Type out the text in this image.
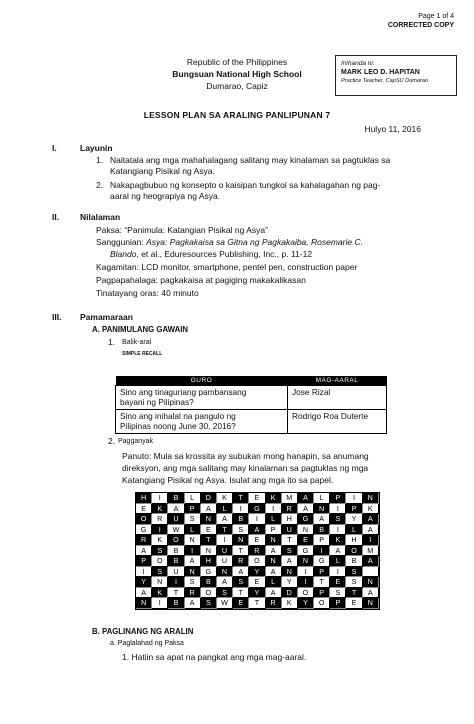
Page 1 of 4
CORRECTED COPY
Republic of the Philippines
Bungsuan National High School
Dumarao, Capiz
Inihanda ni:
MARK LEO D. HAPITAN
Practice Teacher, CapSU Dumarao
LESSON PLAN SA ARALING PANLIPUNAN 7
Hulyo 11, 2016
I.	Layunin
1. Naitatala ang mga mahahalagang salitang may kinalaman sa pagtuklas sa
Katangiang Pisikal ng Asya.
2. Nakapagbubuo ng konsepto o kaisipan tungkol sa kahalagahan ng pag-
aaral ng heograpiya ng Asya.
II. Nilalaman
Paksa: “Panimula: Katangian Pisikal ng Asya”
Sanggunian: Asya: Pagkakaisa sa Gitna ng Pagkakaiba, Rosemarie C.
Blando, et al., Eduresources Publishing, Inc., p. 11-12
Kagamitan: LCD monitor, smartphone, pentel pen, construction paper
Pagpapahalaga: pagkakaisa at pagiging makakalikasan
Tinatayang oras: 40 minuto
III. Pamamaraan
A. PANIMULANG GAWAIN
1. Balik-aral
SIMPLE RECALL
GURO	MAG-AARAL

Sino ang tinaguriang pambansang
bayani ng Pilipinas?	Jose Rizal

Sino ang inihalal na pangulo ng
Pilipinas noong June 30, 2016?	Rodrigo Roa Duterte
2. Pagganyak
Panuto: Mula sa krossita ay subukan mong hanapin, sa anumang
direksyon, ang mga salitang may kinalaman sa pagtuklas ng mga
Katangiang Pisikal ng Asya. Isulat ang mga ito sa papel.
H	I	B	L	D	K	T	E	K	M	A	L	P	I	N
E	K	A	P	A	L	I	G	I	R	A	N	I	P	K
O	R	U	S	N	A	B	I	L	H	G	A	S	Y	A
G	I	W	L	E	T	S	A	P	U	N	B	I	L	A
R	K	O	N	T	I	N	E	N	T	E	P	K	H	I
A	S	B	I	N	U	T	R	A	S	G	I	A	O	M
P	O	B	A	H	U	R	O	N	A	N	G	L	B	A
I	S	U	N	G	N	A	Y	A	N	I	P	I	S
Y	N	I	S	B	A	S	E	L	Y	I	T	E	S	N
A	K	T	R	O	S	T	Y	A	D	O	P	S	T	A
N	I	B	A	S	W	E	T	R	K	Y	O	P	E	N
B. PAGLINANG NG ARALIN
a. Paglalahad ng Paksa
1. Hatiin sa apat na pangkat ang mga mag-aaral.
